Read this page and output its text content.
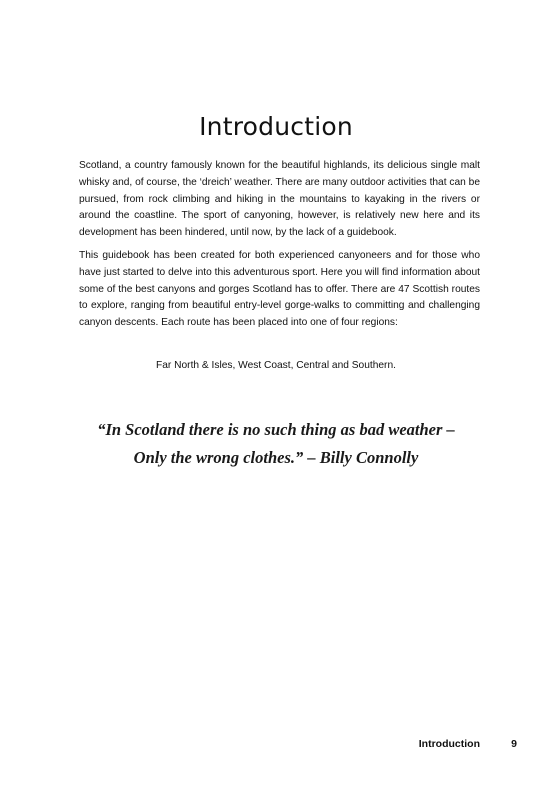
Introduction

Scotland, a country famously known for the beautiful highlands, its delicious single malt whisky and, of course, the ‘dreich’ weather. There are many outdoor activities that can be pursued, from rock climbing and hiking in the mountains to kayaking in the rivers or around the coastline. The sport of canyoning, however, is relatively new here and its development has been hindered, until now, by the lack of a guidebook.

This guidebook has been created for both experienced canyoneers and for those who have just started to delve into this adventurous sport. Here you will find information about some of the best canyons and gorges Scotland has to offer. There are 47 Scottish routes to explore, ranging from beautiful entry-level gorge-walks to committing and challenging canyon descents. Each route has been placed into one of four regions:

Far North & Isles, West Coast, Central and Southern.

“In Scotland there is no such thing as bad weather –

Only the wrong clothes.” – Billy Connolly

Introduction	9
